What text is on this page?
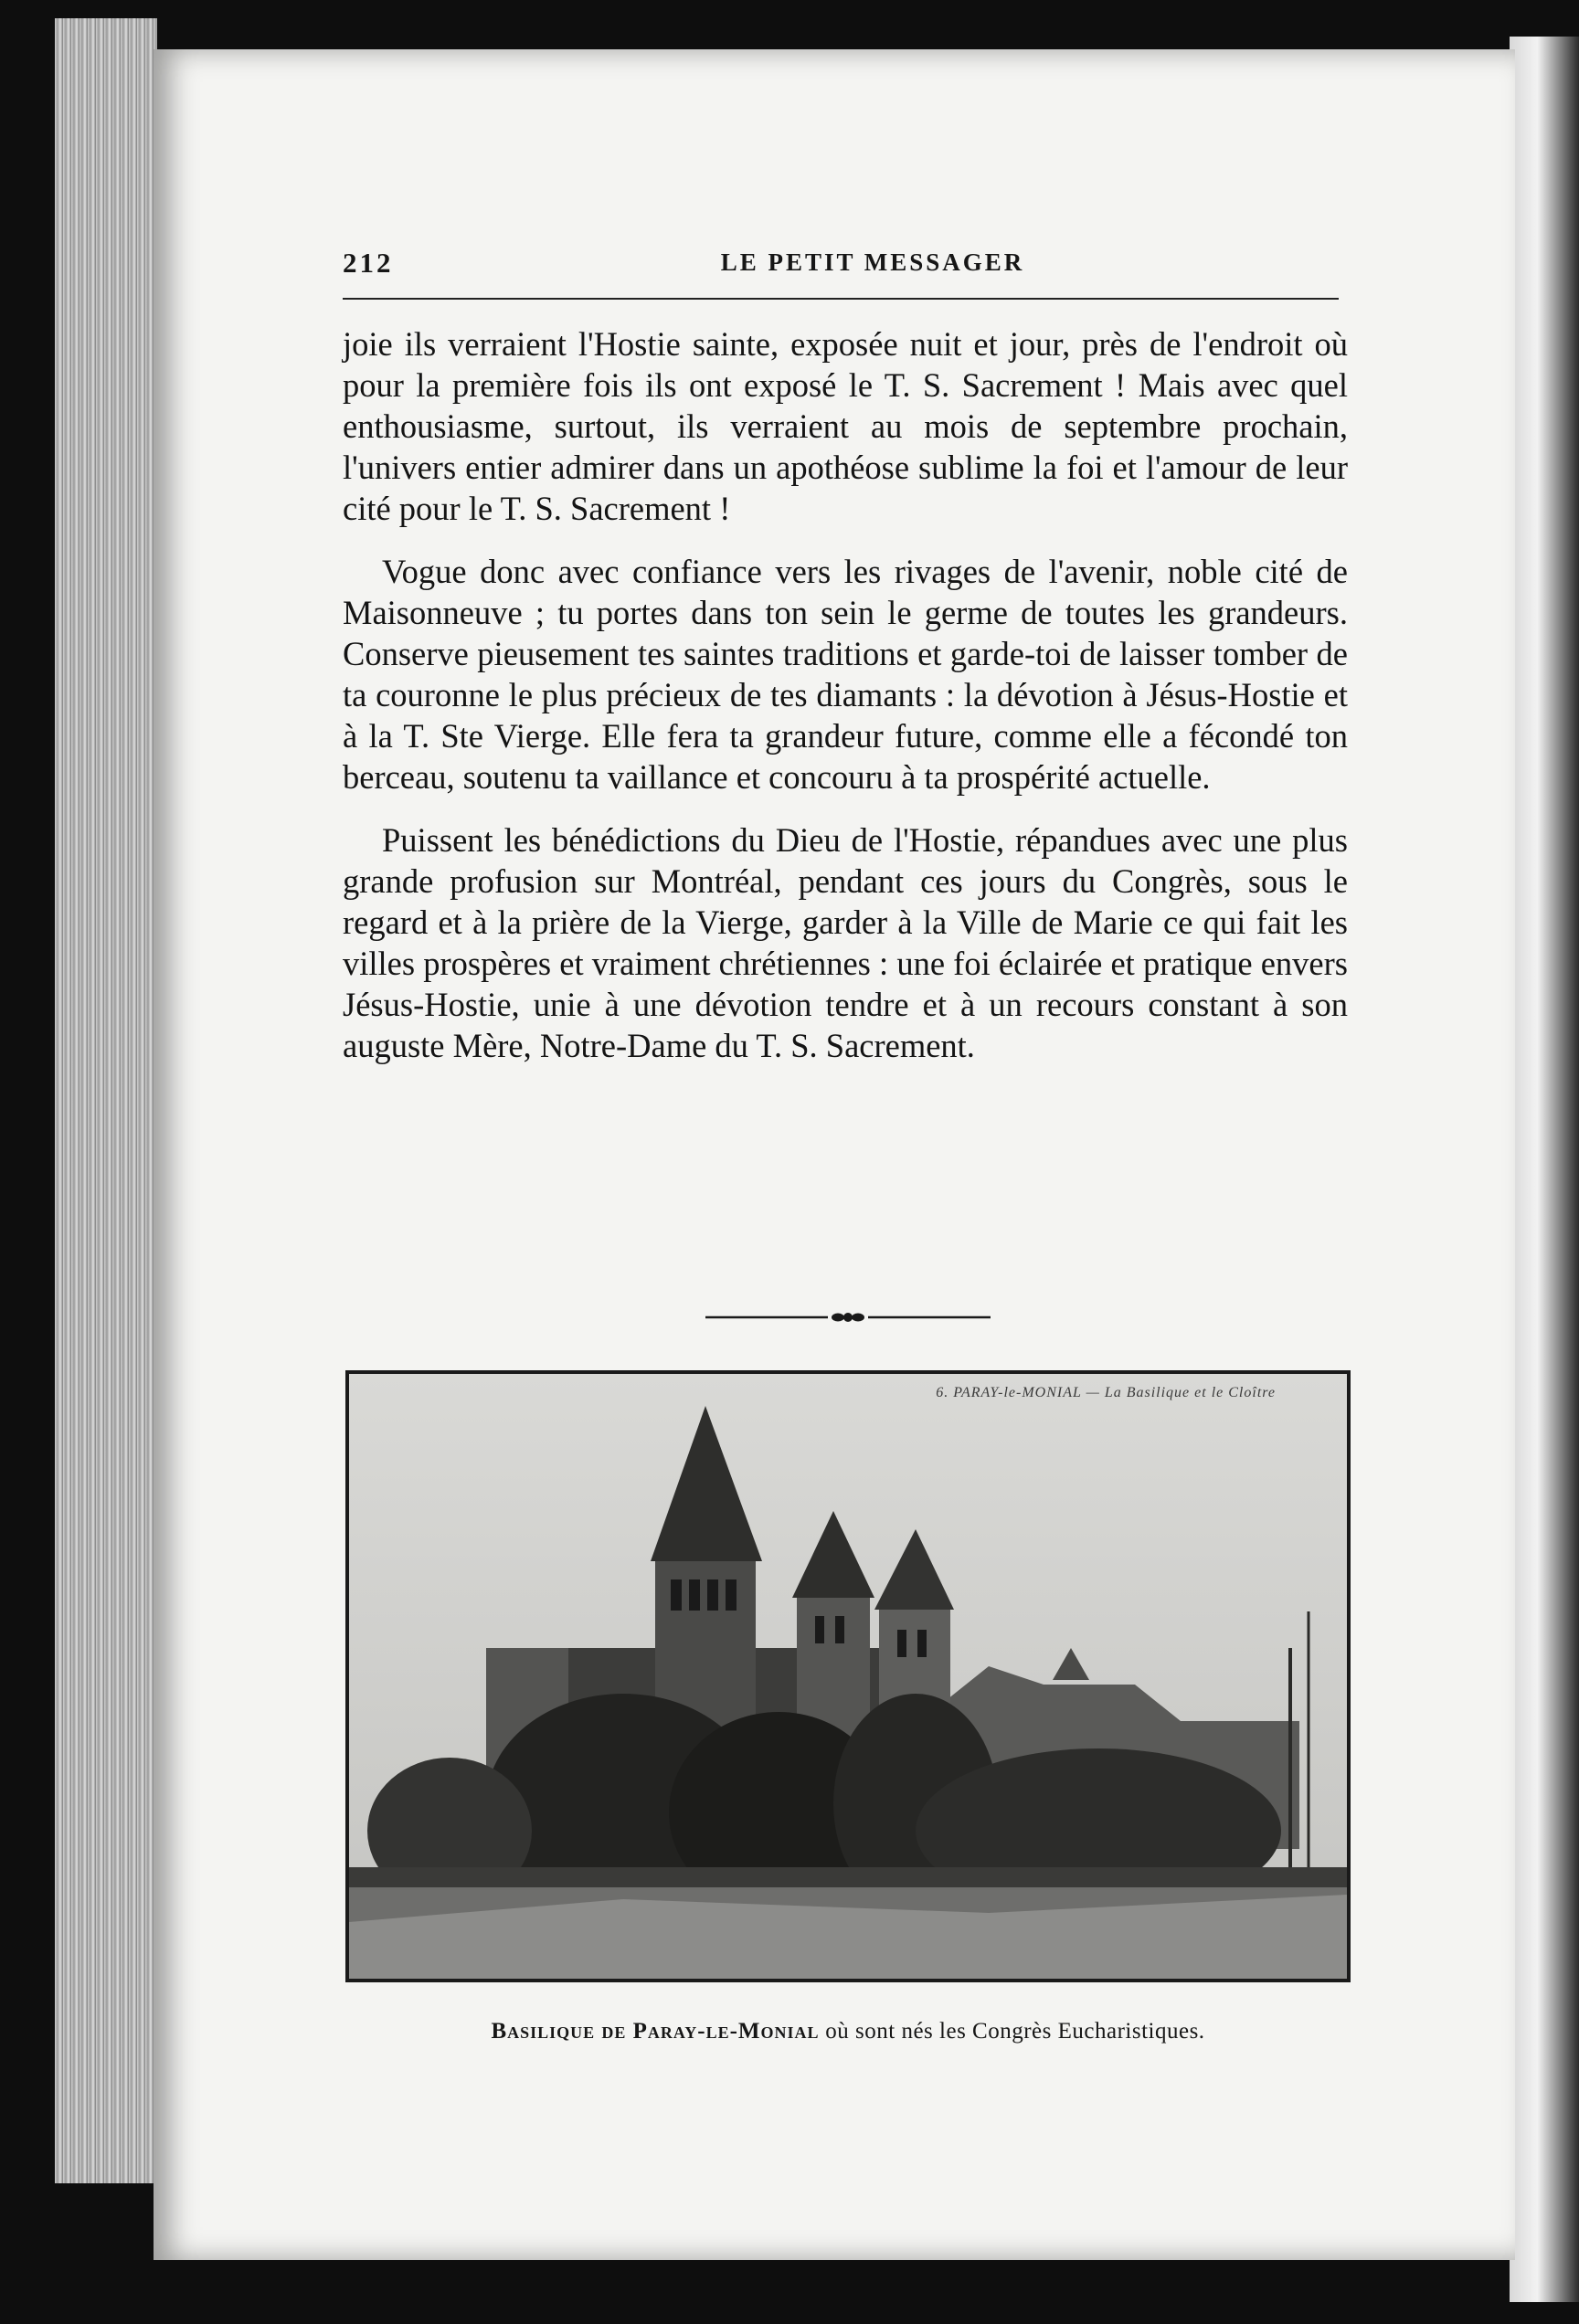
212	LE PETIT MESSAGER

joie ils verraient l'Hostie sainte, exposée nuit et jour, près de l'endroit où pour la première fois ils ont exposé le T. S. Sacrement ! Mais avec quel enthousiasme, surtout, ils verraient au mois de septembre prochain, l'univers entier admirer dans un apothéose sublime la foi et l'amour de leur cité pour le T. S. Sacrement !

Vogue donc avec confiance vers les rivages de l'avenir, noble cité de Maisonneuve ; tu portes dans ton sein le germe de toutes les grandeurs. Conserve pieusement tes saintes traditions et garde-toi de laisser tomber de ta couronne le plus précieux de tes diamants : la dévotion à Jésus-Hostie et à la T. Ste Vierge. Elle fera ta grandeur future, comme elle a fécondé ton berceau, soutenu ta vaillance et concouru à ta prospérité actuelle.

Puissent les bénédictions du Dieu de l'Hostie, répandues avec une plus grande profusion sur Montréal, pendant ces jours du Congrès, sous le regard et à la prière de la Vierge, garder à la Ville de Marie ce qui fait les villes prospères et vraiment chrétiennes : une foi éclairée et pratique envers Jésus-Hostie, unie à une dévotion tendre et à un recours constant à son auguste Mère, Notre-Dame du T. S. Sacrement.

6. PARAY-le-MONIAL — La Basilique et le Cloître
Basilique de Paray-le-Monial où sont nés les Congrès Eucharistiques.
